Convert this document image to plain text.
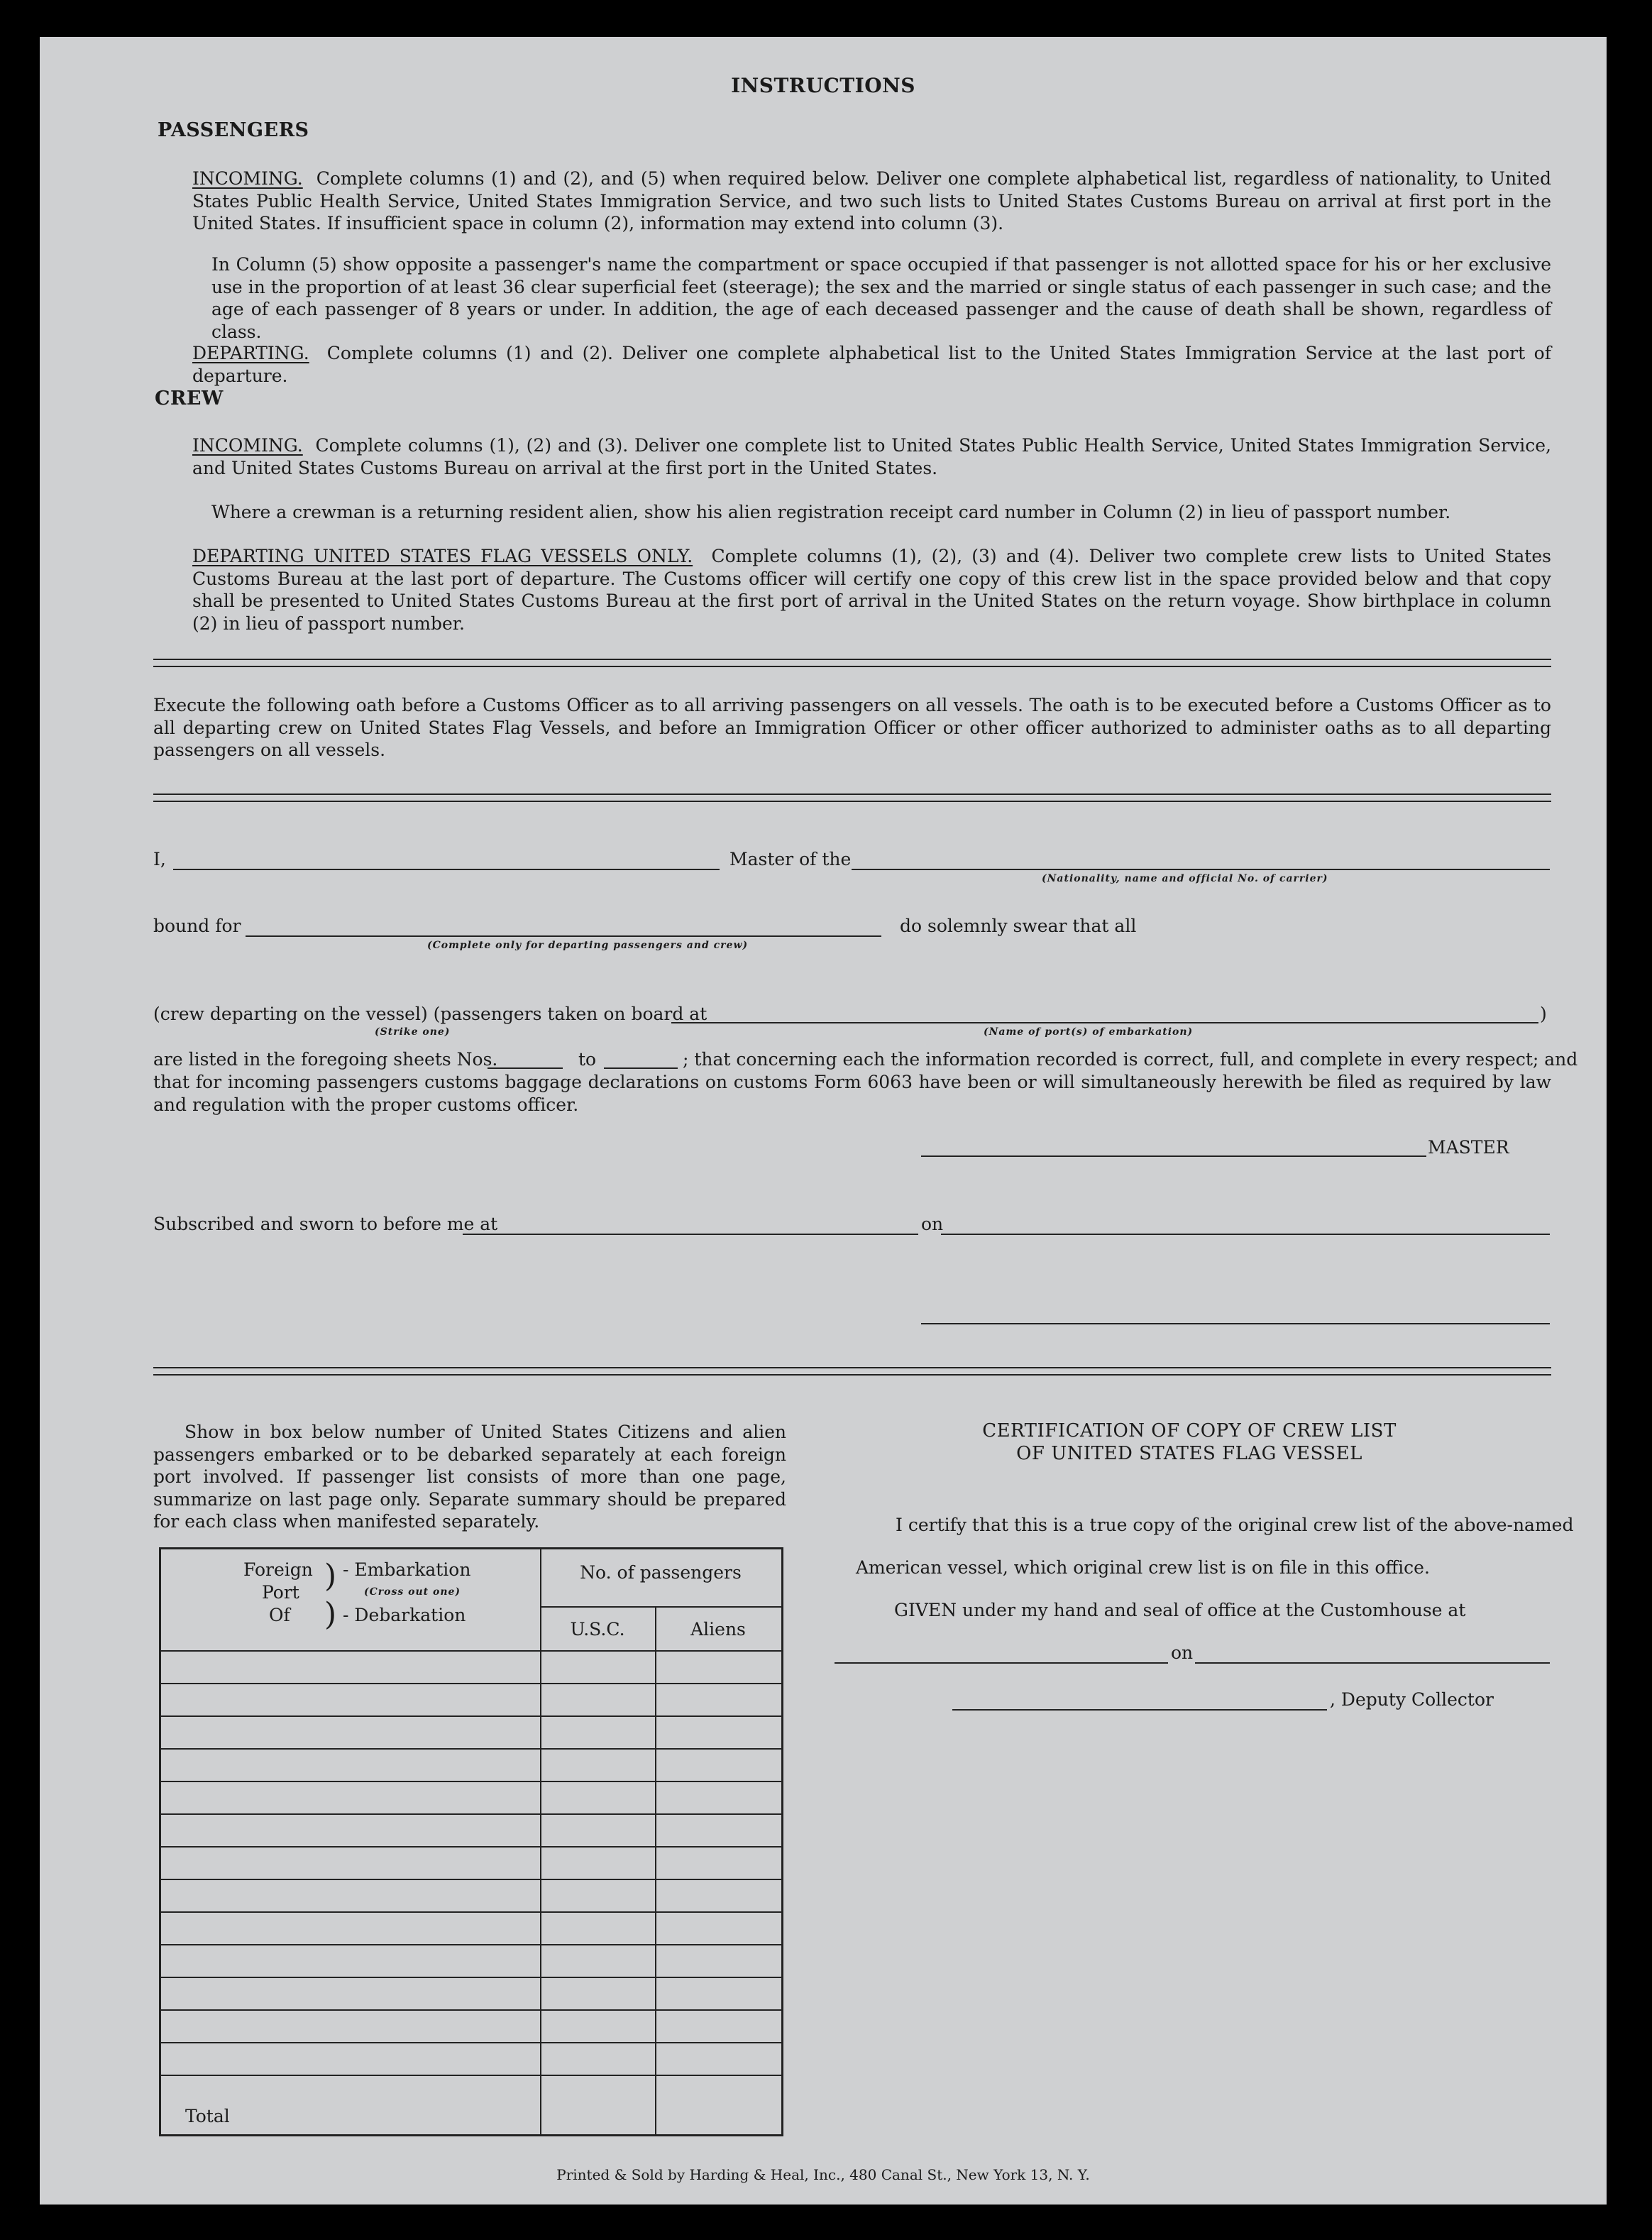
INSTRUCTIONS
PASSENGERS
INCOMING. Complete columns (1) and (2), and (5) when required below. Deliver one complete alphabetical list, regardless of nationality, to United States Public Health Service, United States Immigration Service, and two such lists to United States Customs Bureau on arrival at first port in the United States. If insufficient space in column (2), information may extend into column (3).
In Column (5) show opposite a passenger's name the compartment or space occupied if that passenger is not allotted space for his or her exclusive use in the proportion of at least 36 clear superficial feet (steerage); the sex and the married or single status of each passenger in such case; and the age of each passenger of 8 years or under. In addition, the age of each deceased passenger and the cause of death shall be shown, regardless of class.
DEPARTING. Complete columns (1) and (2). Deliver one complete alphabetical list to the United States Immigration Service at the last port of departure.
CREW
INCOMING. Complete columns (1), (2) and (3). Deliver one complete list to United States Public Health Service, United States Immigration Service, and United States Customs Bureau on arrival at the first port in the United States.
Where a crewman is a returning resident alien, show his alien registration receipt card number in Column (2) in lieu of passport number.
DEPARTING UNITED STATES FLAG VESSELS ONLY. Complete columns (1), (2), (3) and (4). Deliver two complete crew lists to United States Customs Bureau at the last port of departure. The Customs officer will certify one copy of this crew list in the space provided below and that copy shall be presented to United States Customs Bureau at the first port of arrival in the United States on the return voyage. Show birthplace in column (2) in lieu of passport number.
Execute the following oath before a Customs Officer as to all arriving passengers on all vessels. The oath is to be executed before a Customs Officer as to all departing crew on United States Flag Vessels, and before an Immigration Officer or other officer authorized to administer oaths as to all departing passengers on all vessels.
I,	Master of the
(Nationality, name and official No. of carrier)
bound for
(Complete only for departing passengers and crew)
do solemnly swear that all
(crew departing on the vessel) (passengers taken on board at
(Strike one)
)
(Name of port(s) of embarkation)
are listed in the foregoing sheets Nos.	to	; that concerning each the information recorded is correct, full, and complete in every respect; and
that for incoming passengers customs baggage declarations on customs Form 6063 have been or will simultaneously herewith be filed as required by law and regulation with the proper customs officer.
MASTER
Subscribed and sworn to before me at	on
Show in box below number of United States Citizens and alien passengers embarked or to be debarked separately at each foreign port involved. If passenger list consists of more than one page, summarize on last page only. Separate summary should be prepared for each class when manifested separately.
Foreign
Port
Of
)
)
- Embarkation
(Cross out one)
- Debarkation
No. of passengers
U.S.C.	Aliens
Total
CERTIFICATION OF COPY OF CREW LIST
OF UNITED STATES FLAG VESSEL
I certify that this is a true copy of the original crew list of the above-named
American vessel, which original crew list is on file in this office.
GIVEN under my hand and seal of office at the Customhouse at
on
, Deputy Collector
Printed & Sold by Harding & Heal, Inc., 480 Canal St., New York 13, N. Y.
